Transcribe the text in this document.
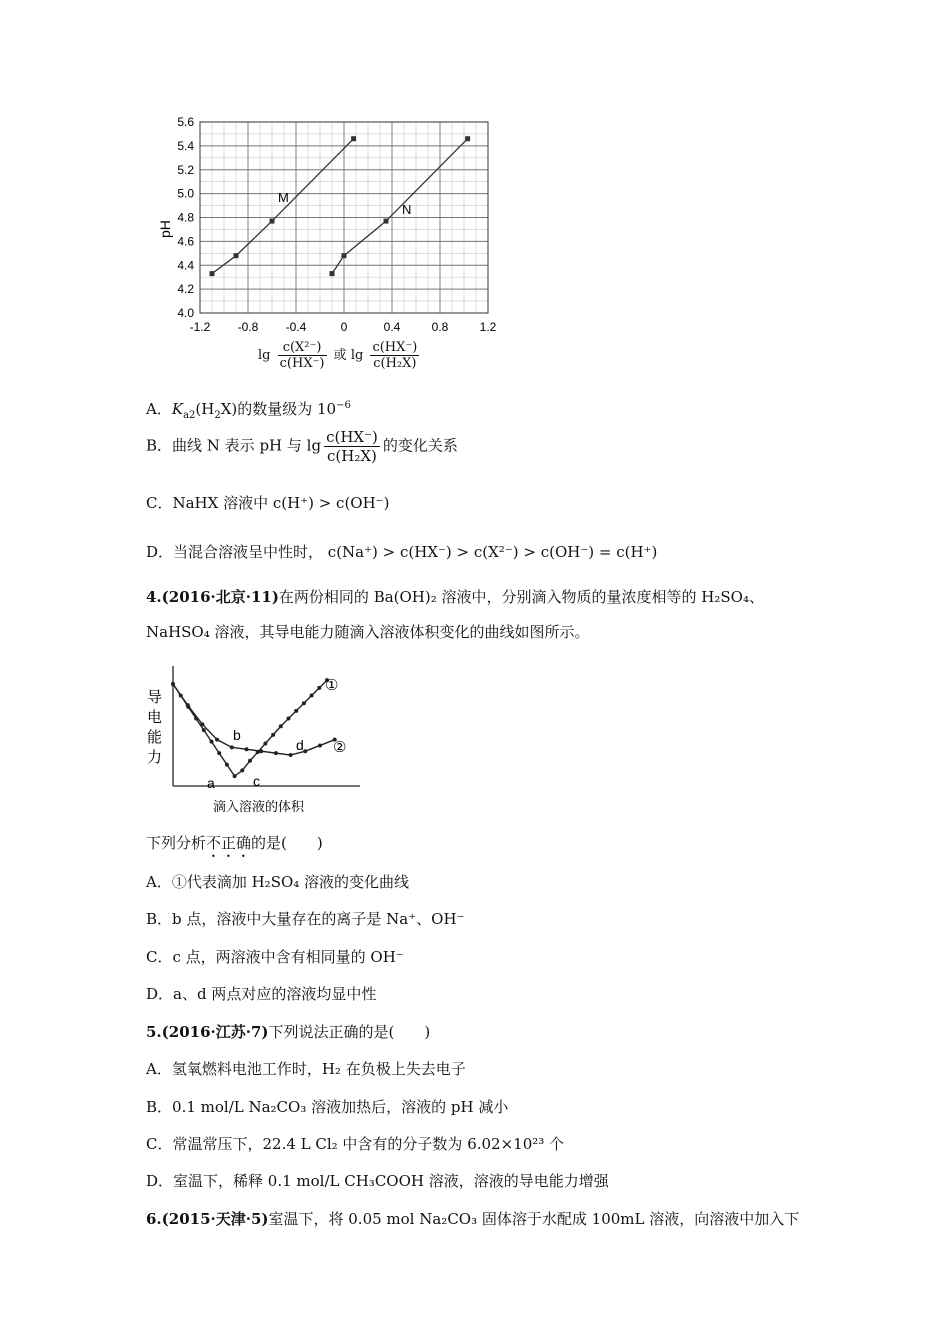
-1.2 -0.8 -0.4	0	0.4	0.8	1.2
4.0
4.2
4.4
4.6
4.8
5.0
5.2
5.4
5.6
pH
M
N
$\lg \frac{\text{c(X²⁻)}}{c(HX^-)}$ 或 $\lg \frac{c(HX^-)}{\text{c(H₂X)}}$
A．$K_{a2}(H_2X)$的数量级为 $10^{-6}$
B．曲线 N 表示 pH 与 $\lg \frac{c(HX^-)}{\text{c(H₂X)}}$ 的变化关系
C．NaHX 溶液中 c(H⁺) > c(OH⁻)
D．当混合溶液呈中性时， c(Na⁺) > c(HX⁻) > c(X²⁻) > c(OH⁻) = c(H⁺)
4.(2016·北京·11)在两份相同的 Ba(OH)₂ 溶液中，分别滴入物质的量浓度相等的 H₂SO₄、
NaHSO₄ 溶液，其导电能力随滴入溶液体积变化的曲线如图所示。
导
电
能
力
a
b
c
d
①
②
滴入溶液的体积
下列分析不正确的是(　　)
A．①代表滴加 H₂SO₄ 溶液的变化曲线
B．b 点，溶液中大量存在的离子是 Na⁺、OH⁻
C．c 点，两溶液中含有相同量的 OH⁻
D．a、d 两点对应的溶液均显中性
5.(2016·江苏·7)下列说法正确的是(　　)
A．氢氧燃料电池工作时，H₂ 在负极上失去电子
B．0.1 mol/L Na₂CO₃ 溶液加热后，溶液的 pH 减小
C．常温常压下，22.4 L Cl₂ 中含有的分子数为 6.02×10²³ 个
D．室温下，稀释 0.1 mol/L CH₃COOH 溶液，溶液的导电能力增强
6.(2015·天津·5)室温下，将 0.05 mol Na₂CO₃ 固体溶于水配成 100mL 溶液，向溶液中加入下
